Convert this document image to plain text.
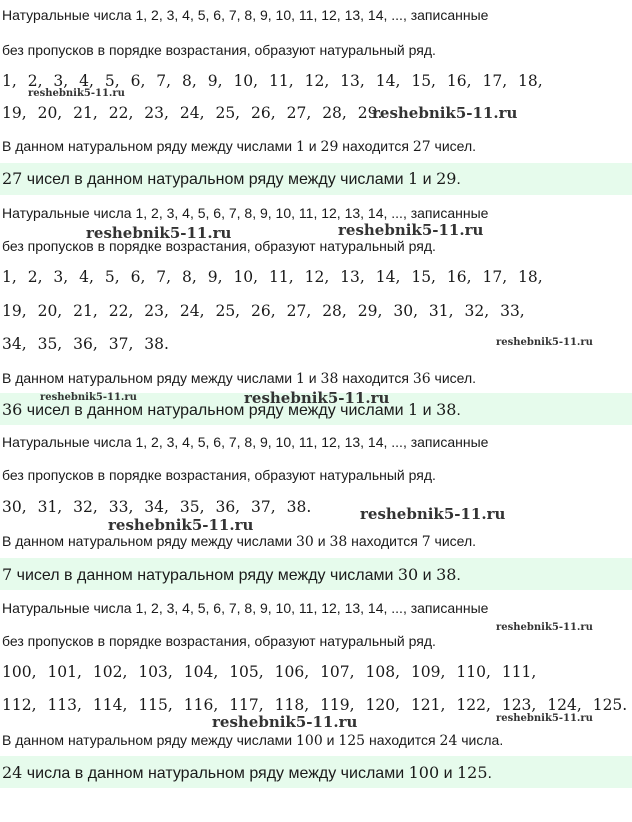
Натуральные числа 1, 2, 3, 4, 5, 6, 7, 8, 9, 10, 11, 12, 13, 14, ..., записанные
без пропусков в порядке возрастания, образуют натуральный ряд.
1, 2, 3, 4, 5, 6, 7, 8, 9, 10, 11, 12, 13, 14, 15, 16, 17, 18,
19, 20, 21, 22, 23, 24, 25, 26, 27, 28, 29.
В данном натуральном ряду между числами 1 и 29 находится 27 чисел.
27 чисел в данном натуральном ряду между числами 1 и 29.
Натуральные числа 1, 2, 3, 4, 5, 6, 7, 8, 9, 10, 11, 12, 13, 14, ..., записанные
без пропусков в порядке возрастания, образуют натуральный ряд.
1, 2, 3, 4, 5, 6, 7, 8, 9, 10, 11, 12, 13, 14, 15, 16, 17, 18,
19, 20, 21, 22, 23, 24, 25, 26, 27, 28, 29, 30, 31, 32, 33,
34, 35, 36, 37, 38.
В данном натуральном ряду между числами 1 и 38 находится 36 чисел.
36 чисел в данном натуральном ряду между числами 1 и 38.
Натуральные числа 1, 2, 3, 4, 5, 6, 7, 8, 9, 10, 11, 12, 13, 14, ..., записанные
без пропусков в порядке возрастания, образуют натуральный ряд.
30, 31, 32, 33, 34, 35, 36, 37, 38.
В данном натуральном ряду между числами 30 и 38 находится 7 чисел.
7 чисел в данном натуральном ряду между числами 30 и 38.
Натуральные числа 1, 2, 3, 4, 5, 6, 7, 8, 9, 10, 11, 12, 13, 14, ..., записанные
без пропусков в порядке возрастания, образуют натуральный ряд.
100, 101, 102, 103, 104, 105, 106, 107, 108, 109, 110, 111,
112, 113, 114, 115, 116, 117, 118, 119, 120, 121, 122, 123, 124, 125.
В данном натуральном ряду между числами 100 и 125 находится 24 числа.
24 числа в данном натуральном ряду между числами 100 и 125.
reshebnik5-11.ru
reshebnik5-11.ru
reshebnik5-11.ru	reshebnik5-11.ru
reshebnik5-11.ru
reshebnik5-11.ru	reshebnik5-11.ru
reshebnik5-11.ru
reshebnik5-11.ru
reshebnik5-11.ru
reshebnik5-11.ru	reshebnik5-11.ru
